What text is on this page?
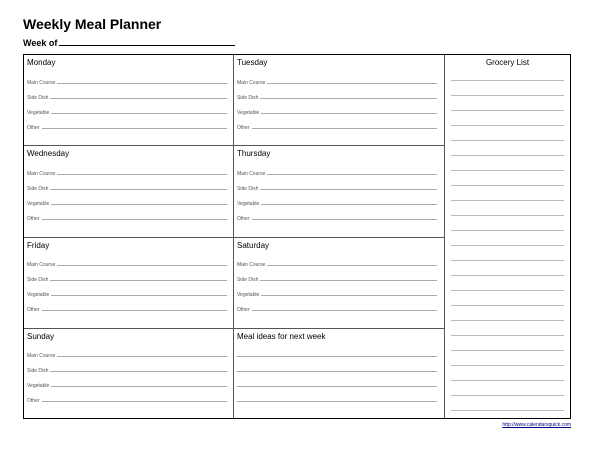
Weekly Meal Planner
Week of
Monday
Main Course
Side Dish
Vegetable
Other
Tuesday
Main Course
Side Dish
Vegetable
Other
Wednesday
Main Course
Side Dish
Vegetable
Other
Thursday
Main Course
Side Dish
Vegetable
Other
Friday
Main Course
Side Dish
Vegetable
Other
Saturday
Main Course
Side Dish
Vegetable
Other
Sunday
Main Course
Side Dish
Vegetable
Other
Meal ideas for next week
Grocery List
http://www.calendarsquick.com
